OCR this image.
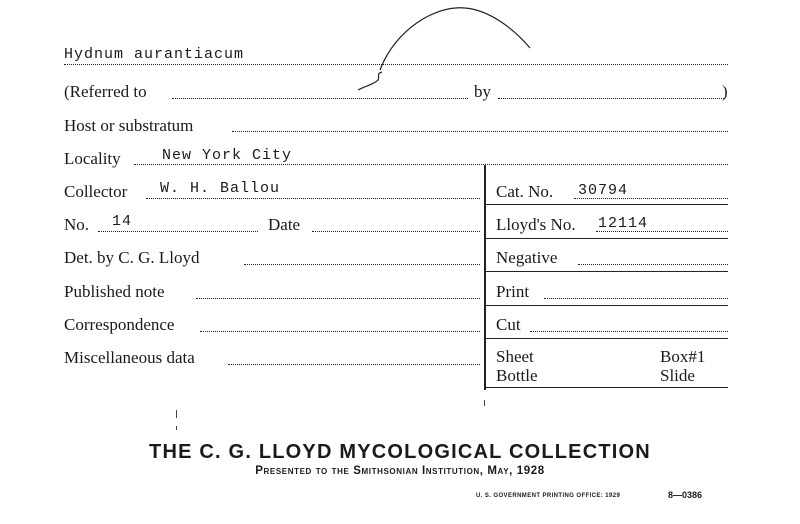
Hydnum aurantiacum
(Referred to	by	)
Host or substratum
Locality	New York City
Collector W. H. Ballou	Cat. No. 30794
No. 14	Date	Lloyd's No. 12114
Det. by C. G. Lloyd	Negative
Published note	Print
Correspondence	Cut
Miscellaneous data	Sheet	Box#1
Bottle	Slide
THE C. G. LLOYD MYCOLOGICAL COLLECTION
Presented to the Smithsonian Institution, May, 1928
U. S. GOVERNMENT PRINTING OFFICE: 1929	8—0386
